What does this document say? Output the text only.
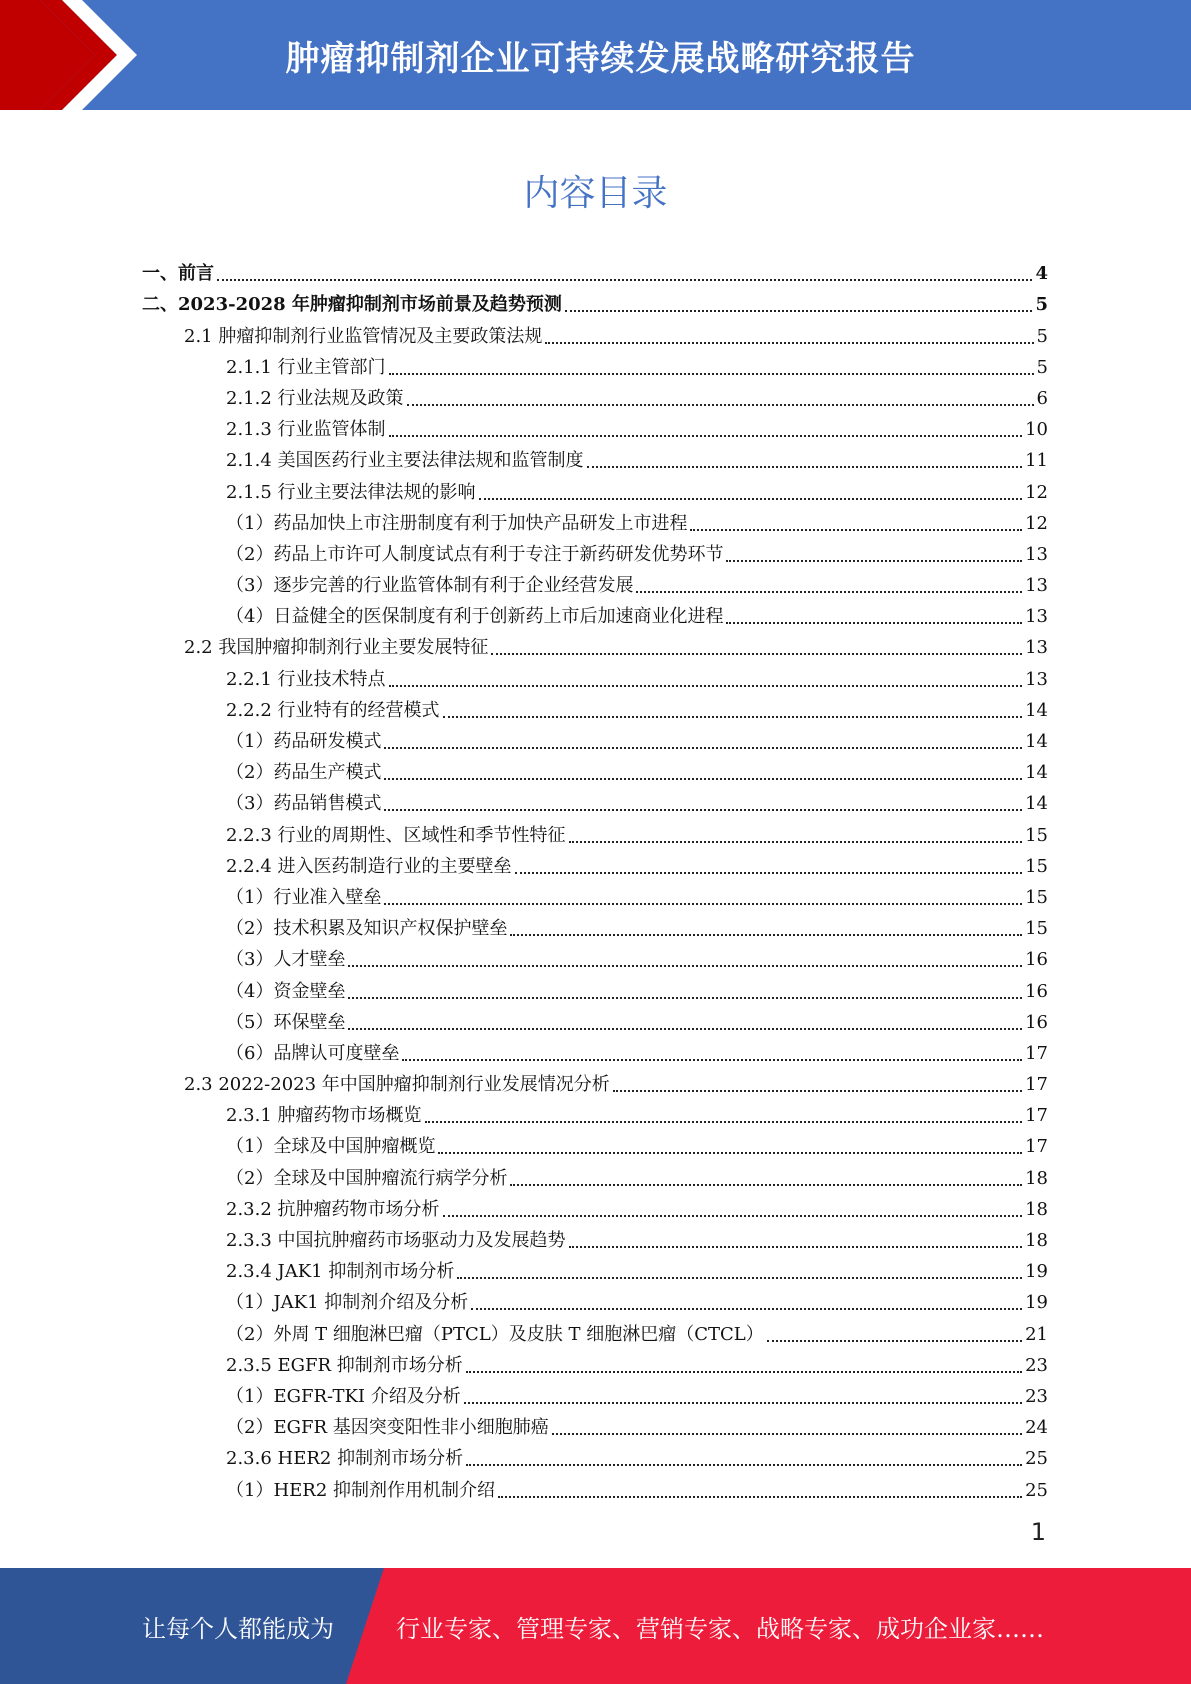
肿瘤抑制剂企业可持续发展战略研究报告
内容目录
一、前言	4
二、2023-2028 年肿瘤抑制剂市场前景及趋势预测	5
2.1 肿瘤抑制剂行业监管情况及主要政策法规	5
2.1.1 行业主管部门	5
2.1.2 行业法规及政策	6
2.1.3 行业监管体制	10
2.1.4 美国医药行业主要法律法规和监管制度	11
2.1.5 行业主要法律法规的影响	12
（1）药品加快上市注册制度有利于加快产品研发上市进程	12
（2）药品上市许可人制度试点有利于专注于新药研发优势环节	13
（3）逐步完善的行业监管体制有利于企业经营发展	13
（4）日益健全的医保制度有利于创新药上市后加速商业化进程	13
2.2 我国肿瘤抑制剂行业主要发展特征	13
2.2.1 行业技术特点	13
2.2.2 行业特有的经营模式	14
（1）药品研发模式	14
（2）药品生产模式	14
（3）药品销售模式	14
2.2.3 行业的周期性、区域性和季节性特征	15
2.2.4 进入医药制造行业的主要壁垒	15
（1）行业准入壁垒	15
（2）技术积累及知识产权保护壁垒	15
（3）人才壁垒	16
（4）资金壁垒	16
（5）环保壁垒	16
（6）品牌认可度壁垒	17
2.3 2022-2023 年中国肿瘤抑制剂行业发展情况分析	17
2.3.1 肿瘤药物市场概览	17
（1）全球及中国肿瘤概览	17
（2）全球及中国肿瘤流行病学分析	18
2.3.2 抗肿瘤药物市场分析	18
2.3.3 中国抗肿瘤药市场驱动力及发展趋势	18
2.3.4 JAK1 抑制剂市场分析	19
（1）JAK1 抑制剂介绍及分析	19
（2）外周 T 细胞淋巴瘤（PTCL）及皮肤 T 细胞淋巴瘤（CTCL）	21
2.3.5 EGFR 抑制剂市场分析	23
（1）EGFR-TKI 介绍及分析	23
（2）EGFR 基因突变阳性非小细胞肺癌	24
2.3.6 HER2 抑制剂市场分析	25
（1）HER2 抑制剂作用机制介绍	25
1
让每个人都能成为	行业专家、管理专家、营销专家、战略专家、成功企业家……
